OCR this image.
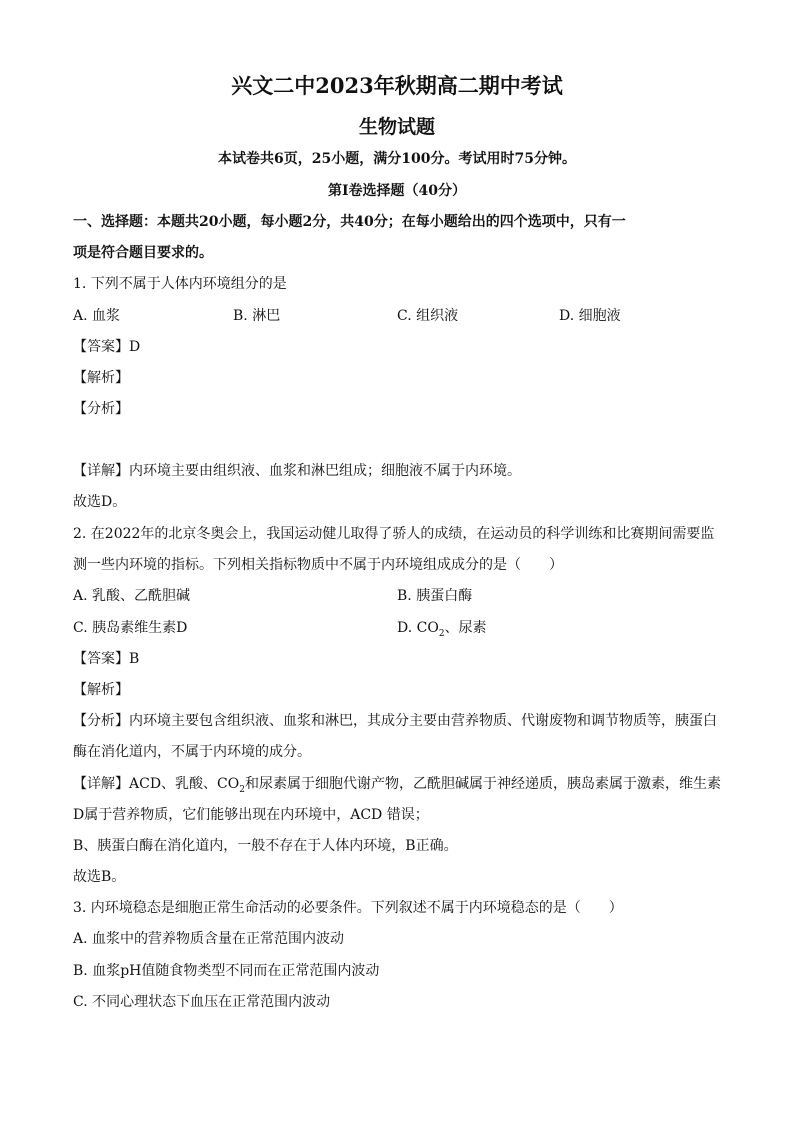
兴文二中2023年秋期高二期中考试
生物试题
本试卷共6页，25小题，满分100分。考试用时75分钟。
第I卷选择题（40分）
一、选择题：本题共20小题，每小题2分，共40分；在每小题给出的四个选项中，只有一
项是符合题目要求的。
1. 下列不属于人体内环境组分的是
A. 血浆	B. 淋巴	C. 组织液	D. 细胞液
【答案】D
【解析】
【分析】
【详解】内环境主要由组织液、血浆和淋巴组成；细胞液不属于内环境。
故选D。
2. 在2022年的北京冬奥会上，我国运动健儿取得了骄人的成绩，在运动员的科学训练和比赛期间需要监
测一些内环境的指标。下列相关指标物质中不属于内环境组成成分的是（　　）
A. 乳酸、乙酰胆碱	B. 胰蛋白酶
C. 胰岛素维生素D	D. $CO_2$、尿素
【答案】B
【解析】
【分析】内环境主要包含组织液、血浆和淋巴，其成分主要由营养物质、代谢废物和调节物质等，胰蛋白
酶在消化道内，不属于内环境的成分。
【详解】ACD、乳酸、$CO_2$和尿素属于细胞代谢产物，乙酰胆碱属于神经递质，胰岛素属于激素，维生素
D属于营养物质，它们能够出现在内环境中，ACD 错误；
B、胰蛋白酶在消化道内，一般不存在于人体内环境，B正确。
故选B。
3. 内环境稳态是细胞正常生命活动的必要条件。下列叙述不属于内环境稳态的是（　　）
A. 血浆中的营养物质含量在正常范围内波动
B. 血浆pH值随食物类型不同而在正常范围内波动
C. 不同心理状态下血压在正常范围内波动
